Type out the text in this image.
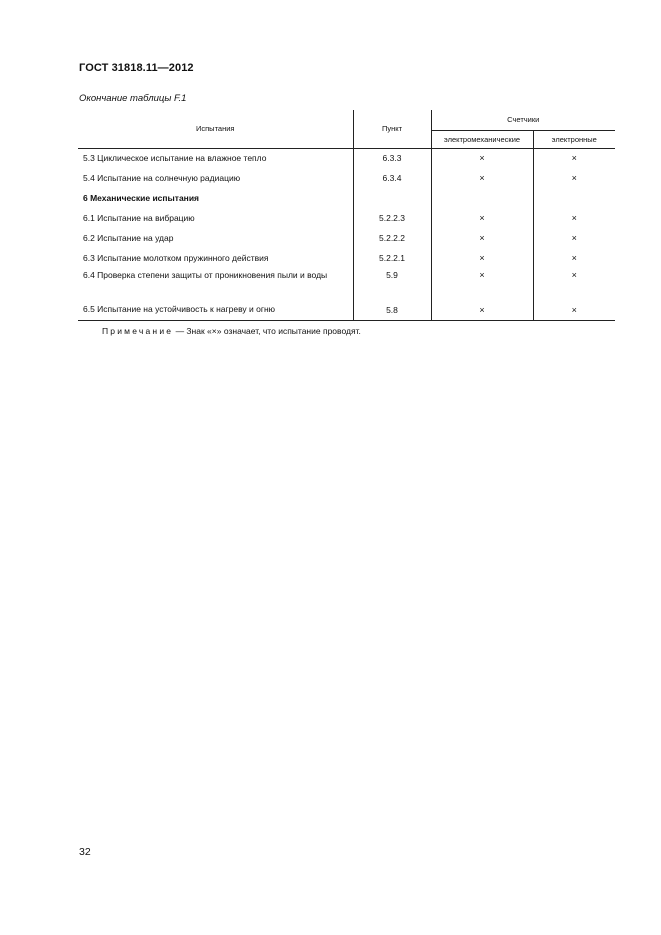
ГОСТ 31818.11—2012
Окончание таблицы F.1
Испытания	Пункт	Счетчики	
		электромеханические	электронные
5.3 Циклическое испытание на влажное тепло	6.3.3	×	×
5.4 Испытание на солнечную радиацию	6.3.4	×	×
6 Механические испытания			
6.1 Испытание на вибрацию	5.2.2.3	×	×
6.2 Испытание на удар	5.2.2.2	×	×
6.3 Испытание молотком пружинного действия	5.2.2.1	×	×
6.4 Проверка степени защиты от проникновения пыли и воды	5.9	×	×
6.5 Испытание на устойчивость к нагреву и огню	5.8	×	×
Примечание — Знак «×» означает, что испытание проводят.			
32
